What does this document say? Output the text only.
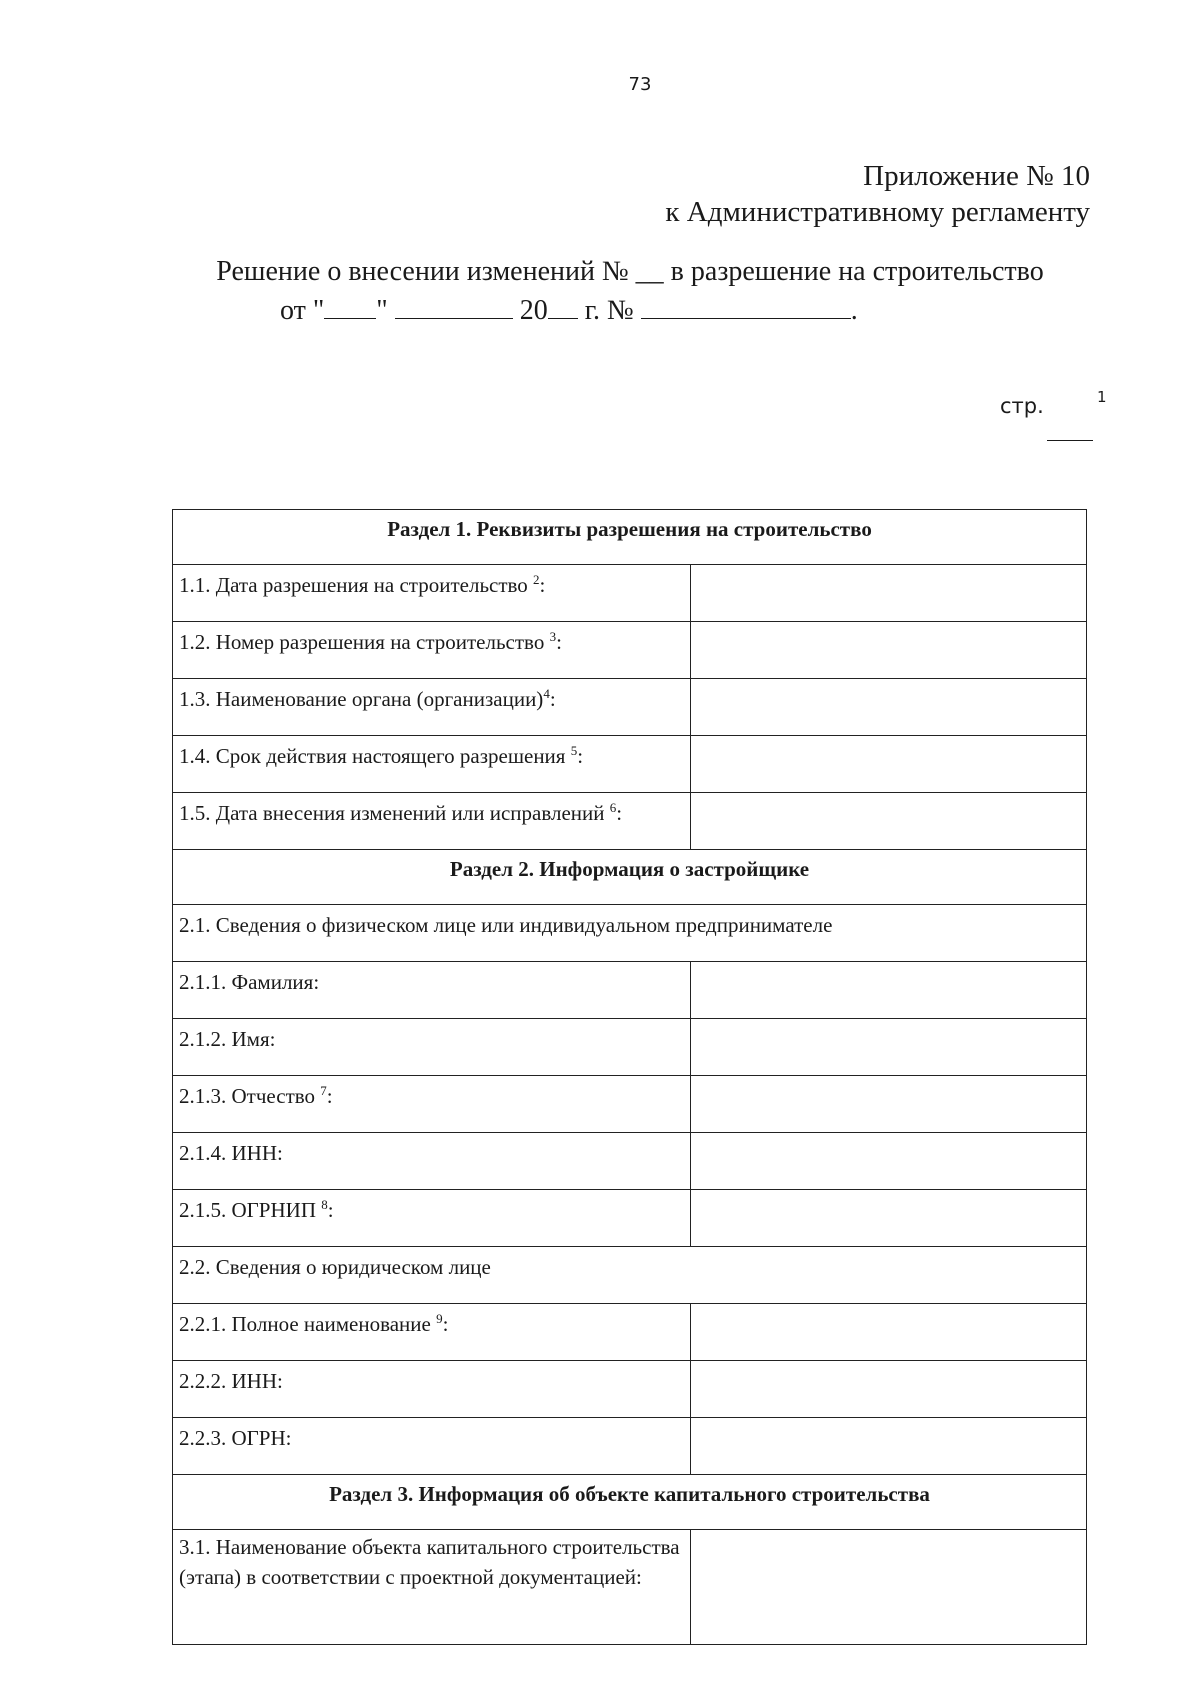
73
Приложение № 10
к Административному регламенту
Решение о внесении изменений № __ в разрешение на строительство
от " "	20 г. №	.
стр.	1
Раздел 1. Реквизиты разрешения на строительство	
1.1. Дата разрешения на строительство $^2$:	
1.2. Номер разрешения на строительство $^3$:	
1.3. Наименование органа (организации)$^4$:	
1.4. Срок действия настоящего разрешения $^5$:	
1.5. Дата внесения изменений или исправлений $^6$:	
Раздел 2. Информация о застройщике	
2.1. Сведения о физическом лице или индивидуальном предпринимателе	
2.1.1. Фамилия:	
2.1.2. Имя:	
2.1.3. Отчество $^7$:	
2.1.4. ИНН:	
2.1.5. ОГРНИП $^8$:	
2.2. Сведения о юридическом лице	
2.2.1. Полное наименование $^9$:	
2.2.2. ИНН:	
2.2.3. ОГРН:	
Раздел 3. Информация об объекте капитального строительства	
3.1. Наименование объекта капитального строительства (этапа) в соответствии с проектной документацией:	
